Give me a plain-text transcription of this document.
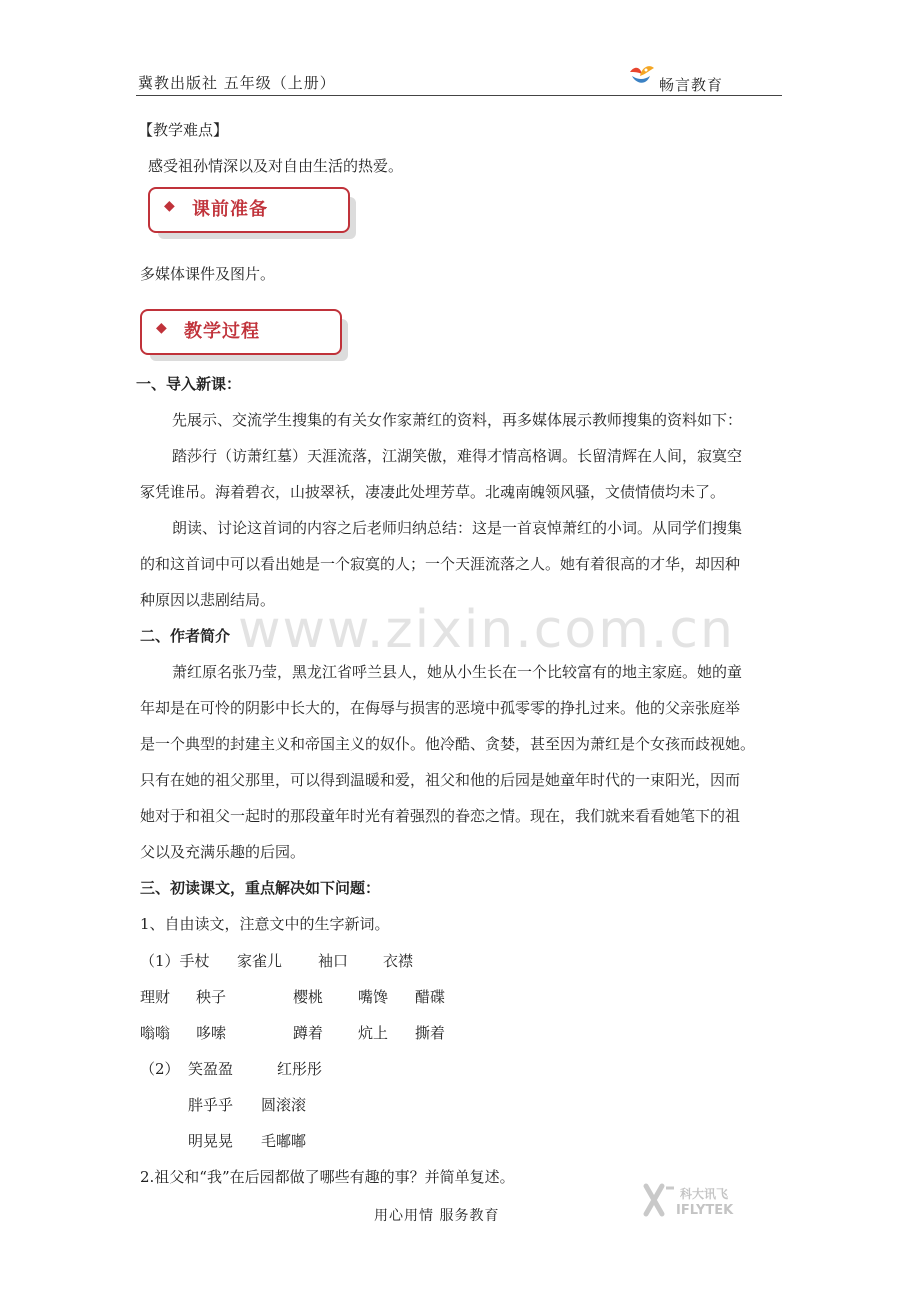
冀教出版社 五年级（上册）	畅言教育
【教学难点】
感受祖孙情深以及对自由生活的热爱。
◆ 课前准备
多媒体课件及图片。
◆ 教学过程
一、导入新课：
先展示、交流学生搜集的有关女作家萧红的资料，再多媒体展示教师搜集的资料如下：
踏莎行（访萧红墓）天涯流落，江湖笑傲，难得才情高格调。长留清辉在人间，寂寞空
冢凭谁吊。海着碧衣，山披翠袄，凄凄此处埋芳草。北魂南魄领风骚，文债情债均未了。
朗读、讨论这首词的内容之后老师归纳总结：这是一首哀悼萧红的小词。从同学们搜集
的和这首词中可以看出她是一个寂寞的人；一个天涯流落之人。她有着很高的才华，却因种
种原因以悲剧结局。
www.zixin.com.cn
二、作者简介
萧红原名张乃莹，黑龙江省呼兰县人，她从小生长在一个比较富有的地主家庭。她的童
年却是在可怜的阴影中长大的，在侮辱与损害的恶境中孤零零的挣扎过来。他的父亲张庭举
是一个典型的封建主义和帝国主义的奴仆。他冷酷、贪婪，甚至因为萧红是个女孩而歧视她。
只有在她的祖父那里，可以得到温暖和爱，祖父和他的后园是她童年时代的一束阳光，因而
她对于和祖父一起时的那段童年时光有着强烈的眷恋之情。现在，我们就来看看她笔下的祖
父以及充满乐趣的后园。
三、初读课文，重点解决如下问题：
1、自由读文，注意文中的生字新词。
（1）手杖 家雀儿 袖口 衣襟
理财 秧子	樱桃 嘴馋 醋碟
嗡嗡 哆嗦	蹲着 炕上 撕着
（2） 笑盈盈	红彤彤
胖乎乎 圆滚滚
明晃晃 毛嘟嘟
2.祖父和“我”在后园都做了哪些有趣的事？并简单复述。
科大讯飞
IFLYTEK
用心用情 服务教育
